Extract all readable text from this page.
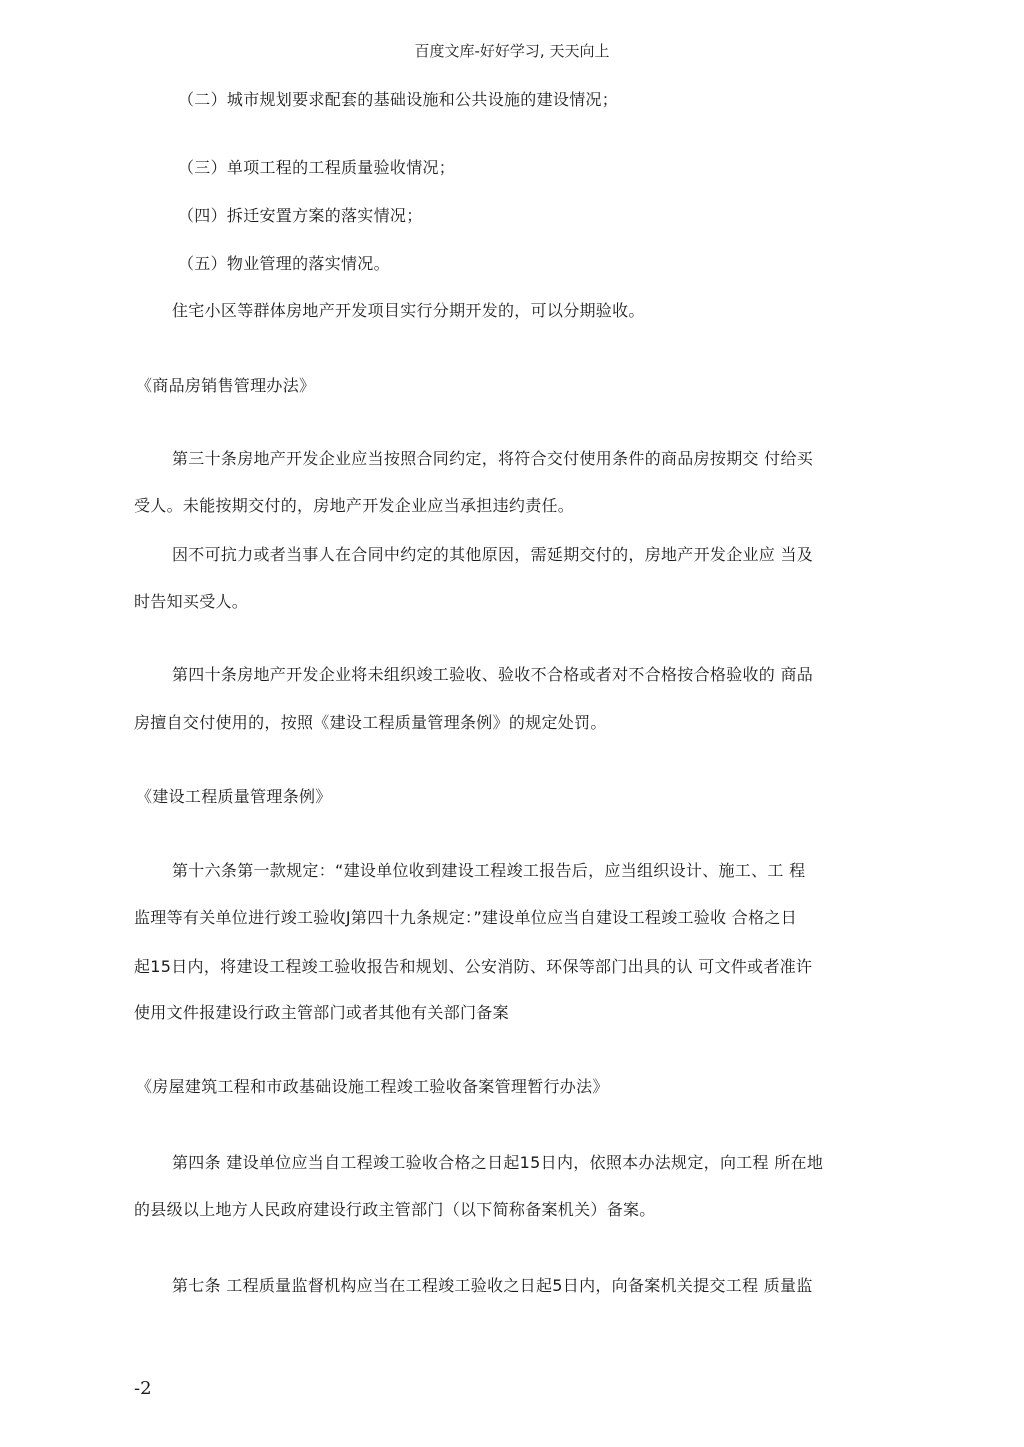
百度文库-好好学习, 天天向上
（二）城市规划要求配套的基础设施和公共设施的建设情况；
（三）单项工程的工程质量验收情况；
（四）拆迁安置方案的落实情况；
（五）物业管理的落实情况。
住宅小区等群体房地产开发项目实行分期开发的，可以分期验收。
《商品房销售管理办法》
第三十条房地产开发企业应当按照合同约定，将符合交付使用条件的商品房按期交 付给买
受人。未能按期交付的，房地产开发企业应当承担违约责任。
因不可抗力或者当事人在合同中约定的其他原因，需延期交付的，房地产开发企业应 当及
时告知买受人。
第四十条房地产开发企业将未组织竣工验收、验收不合格或者对不合格按合格验收的 商品
房擅自交付使用的，按照《建设工程质量管理条例》的规定处罚。
《建设工程质量管理条例》
第十六条第一款规定：“建设单位收到建设工程竣工报告后，应当组织设计、施工、工 程
监理等有关单位进行竣工验收J第四十九条规定：”建设单位应当自建设工程竣工验收 合格之日
起15日内，将建设工程竣工验收报告和规划、公安消防、环保等部门出具的认 可文件或者准许
使用文件报建设行政主管部门或者其他有关部门备案
《房屋建筑工程和市政基础设施工程竣工验收备案管理暂行办法》
第四条 建设单位应当自工程竣工验收合格之日起15日内，依照本办法规定，向工程 所在地
的县级以上地方人民政府建设行政主管部门（以下简称备案机关）备案。
第七条 工程质量监督机构应当在工程竣工验收之日起5日内，向备案机关提交工程 质量监
-2
